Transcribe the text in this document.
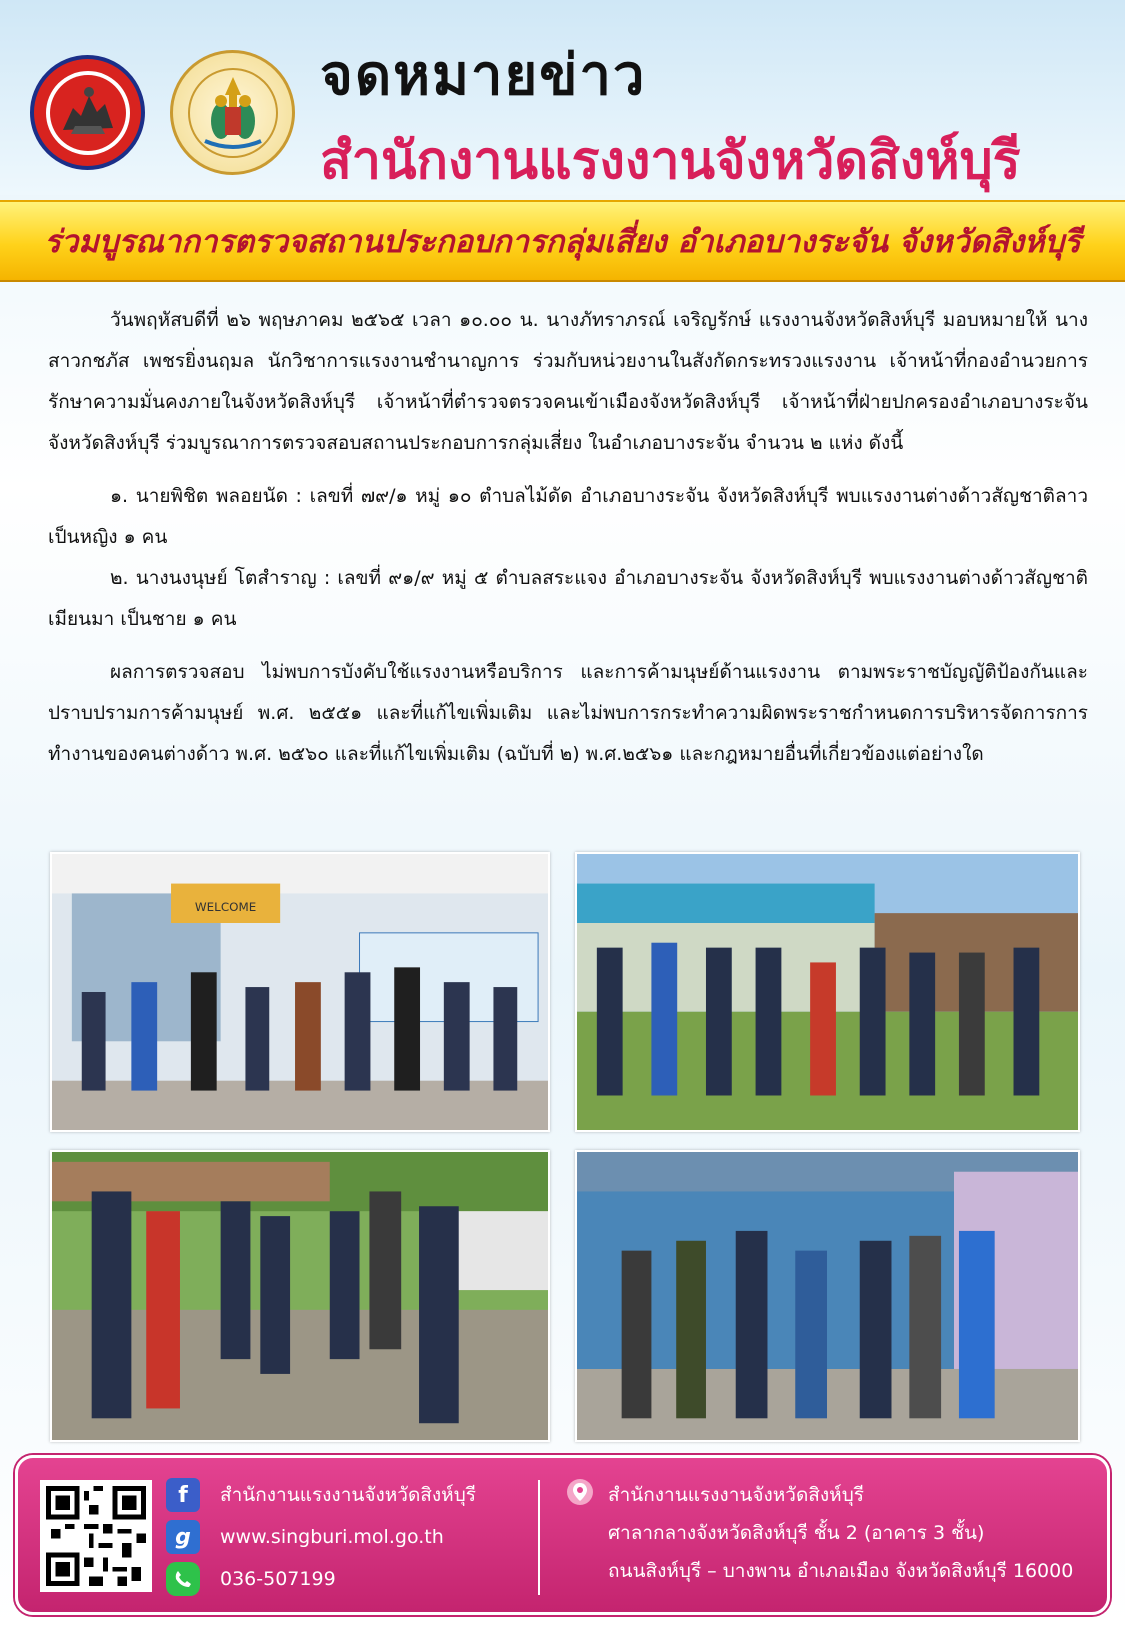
จดหมายข่าว
สำนักงานแรงงานจังหวัดสิงห์บุรี
ร่วมบูรณาการตรวจสถานประกอบการกลุ่มเสี่ยง อำเภอบางระจัน จังหวัดสิงห์บุรี

วันพฤหัสบดีที่ ๒๖ พฤษภาคม ๒๕๖๕ เวลา ๑๐.๐๐ น. นางภัทราภรณ์ เจริญรักษ์ แรงงานจังหวัดสิงห์บุรี มอบหมายให้ นางสาวกชภัส เพชรยิ่งนฤมล นักวิชาการแรงงานชำนาญการ ร่วมกับหน่วยงานในสังกัดกระทรวงแรงงาน เจ้าหน้าที่กองอำนวยการรักษาความมั่นคงภายในจังหวัดสิงห์บุรี เจ้าหน้าที่ตำรวจตรวจคนเข้าเมืองจังหวัดสิงห์บุรี เจ้าหน้าที่ฝ่ายปกครองอำเภอบางระจัน จังหวัดสิงห์บุรี ร่วมบูรณาการตรวจสอบสถานประกอบการกลุ่มเสี่ยง ในอำเภอบางระจัน จำนวน ๒ แห่ง ดังนี้

๑. นายพิชิต พลอยนัด : เลขที่ ๗๙/๑ หมู่ ๑๐ ตำบลไม้ดัด อำเภอบางระจัน จังหวัดสิงห์บุรี พบแรงงานต่างด้าวสัญชาติลาว เป็นหญิง ๑ คน

๒. นางนงนุษย์ โตสำราญ : เลขที่ ๙๑/๙ หมู่ ๕ ตำบลสระแจง อำเภอบางระจัน จังหวัดสิงห์บุรี พบแรงงานต่างด้าวสัญชาติเมียนมา เป็นชาย ๑ คน

ผลการตรวจสอบ ไม่พบการบังคับใช้แรงงานหรือบริการ และการค้ามนุษย์ด้านแรงงาน ตามพระราชบัญญัติป้องกันและปราบปรามการค้ามนุษย์ พ.ศ. ๒๕๕๑ และที่แก้ไขเพิ่มเติม และไม่พบการกระทำความผิดพระราชกำหนดการบริหารจัดการการทำงานของคนต่างด้าว พ.ศ. ๒๕๖๐ และที่แก้ไขเพิ่มเติม (ฉบับที่ ๒) พ.ศ.๒๕๖๑ และกฎหมายอื่นที่เกี่ยวข้องแต่อย่างใด

WELCOME
f	สำนักงานแรงงานจังหวัดสิงห์บุรี
g	www.singburi.mol.go.th
036-507199
สำนักงานแรงงานจังหวัดสิงห์บุรี
ศาลากลางจังหวัดสิงห์บุรี ชั้น 2 (อาคาร 3 ชั้น)
ถนนสิงห์บุรี – บางพาน อำเภอเมือง จังหวัดสิงห์บุรี 16000
